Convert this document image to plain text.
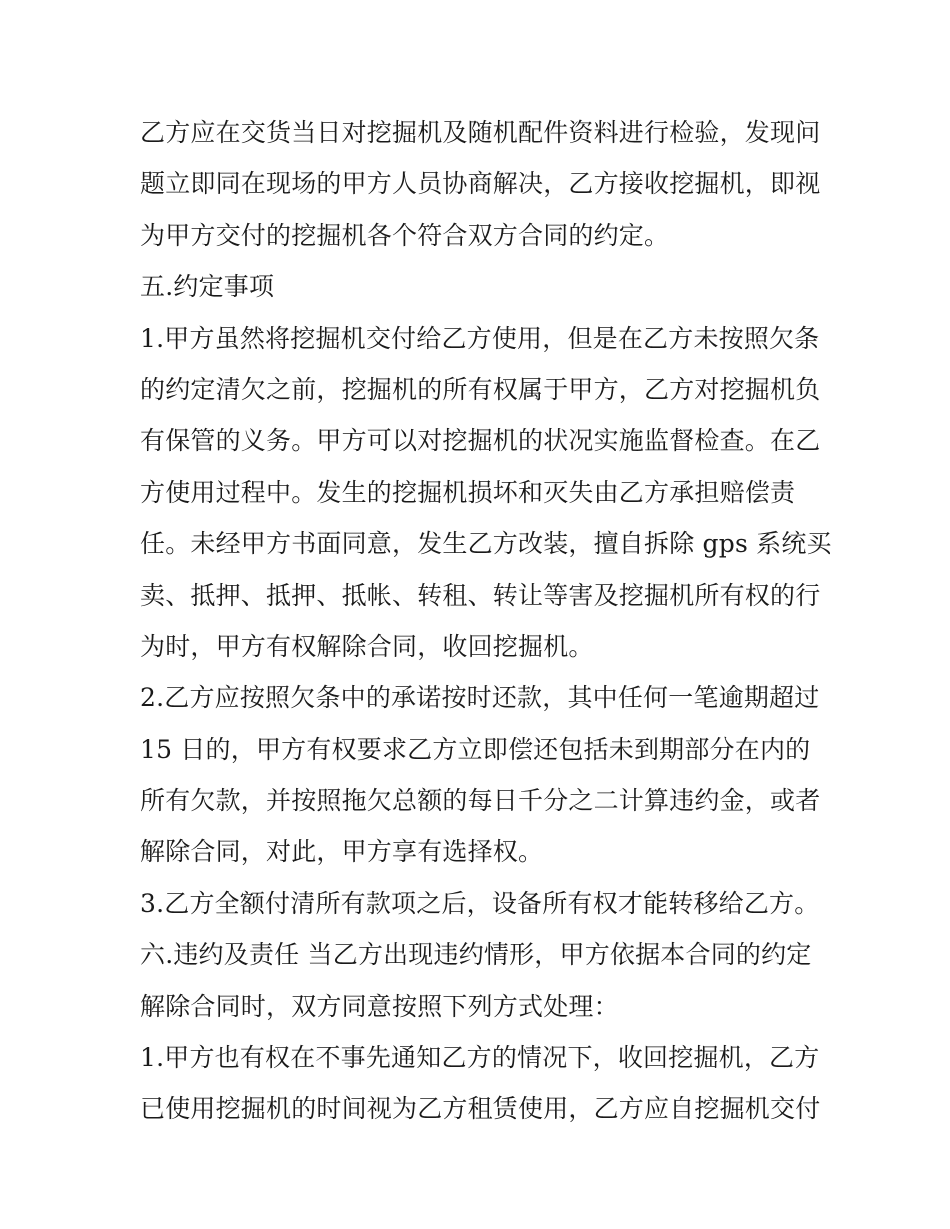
乙方应在交货当日对挖掘机及随机配件资料进行检验，发现问
题立即同在现场的甲方人员协商解决，乙方接收挖掘机，即视
为甲方交付的挖掘机各个符合双方合同的约定。
五.约定事项
1.甲方虽然将挖掘机交付给乙方使用，但是在乙方未按照欠条
的约定清欠之前，挖掘机的所有权属于甲方，乙方对挖掘机负
有保管的义务。甲方可以对挖掘机的状况实施监督检查。在乙
方使用过程中。发生的挖掘机损坏和灭失由乙方承担赔偿责
任。未经甲方书面同意，发生乙方改装，擅自拆除 gps 系统买
卖、抵押、抵押、抵帐、转租、转让等害及挖掘机所有权的行
为时，甲方有权解除合同，收回挖掘机。
2.乙方应按照欠条中的承诺按时还款，其中任何一笔逾期超过
15 日的，甲方有权要求乙方立即偿还包括未到期部分在内的
所有欠款，并按照拖欠总额的每日千分之二计算违约金，或者
解除合同，对此，甲方享有选择权。
3.乙方全额付清所有款项之后，设备所有权才能转移给乙方。
六.违约及责任 当乙方出现违约情形，甲方依据本合同的约定
解除合同时，双方同意按照下列方式处理：
1.甲方也有权在不事先通知乙方的情况下，收回挖掘机，乙方
已使用挖掘机的时间视为乙方租赁使用，乙方应自挖掘机交付
